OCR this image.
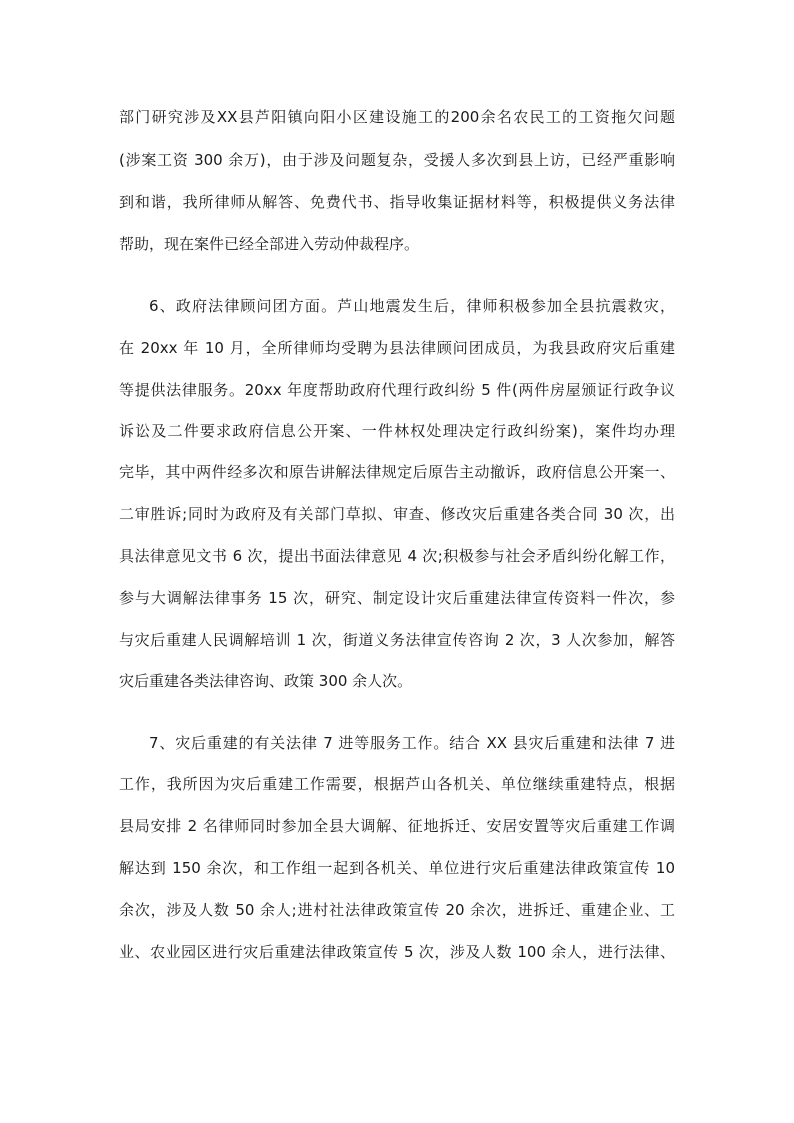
部门研究涉及XX县芦阳镇向阳小区建设施工的200余名农民工的工资拖欠问题
(涉案工资 300 余万)，由于涉及问题复杂，受援人多次到县上访，已经严重影响
到和谐，我所律师从解答、免费代书、指导收集证据材料等，积极提供义务法律
帮助，现在案件已经全部进入劳动仲裁程序。
6、政府法律顾问团方面。芦山地震发生后，律师积极参加全县抗震救灾，
在 20xx 年 10 月，全所律师均受聘为县法律顾问团成员，为我县政府灾后重建
等提供法律服务。20xx 年度帮助政府代理行政纠纷 5 件(两件房屋颁证行政争议
诉讼及二件要求政府信息公开案、一件林权处理决定行政纠纷案)，案件均办理
完毕，其中两件经多次和原告讲解法律规定后原告主动撤诉，政府信息公开案一、
二审胜诉;同时为政府及有关部门草拟、审查、修改灾后重建各类合同 30 次，出
具法律意见文书 6 次，提出书面法律意见 4 次;积极参与社会矛盾纠纷化解工作，
参与大调解法律事务 15 次，研究、制定设计灾后重建法律宣传资料一件次，参
与灾后重建人民调解培训 1 次，街道义务法律宣传咨询 2 次，3 人次参加，解答
灾后重建各类法律咨询、政策 300 余人次。
7、灾后重建的有关法律 7 进等服务工作。结合 XX 县灾后重建和法律 7 进
工作，我所因为灾后重建工作需要，根据芦山各机关、单位继续重建特点，根据
县局安排 2 名律师同时参加全县大调解、征地拆迁、安居安置等灾后重建工作调
解达到 150 余次，和工作组一起到各机关、单位进行灾后重建法律政策宣传 10
余次，涉及人数 50 余人;进村社法律政策宣传 20 余次，进拆迁、重建企业、工
业、农业园区进行灾后重建法律政策宣传 5 次，涉及人数 100 余人，进行法律、
